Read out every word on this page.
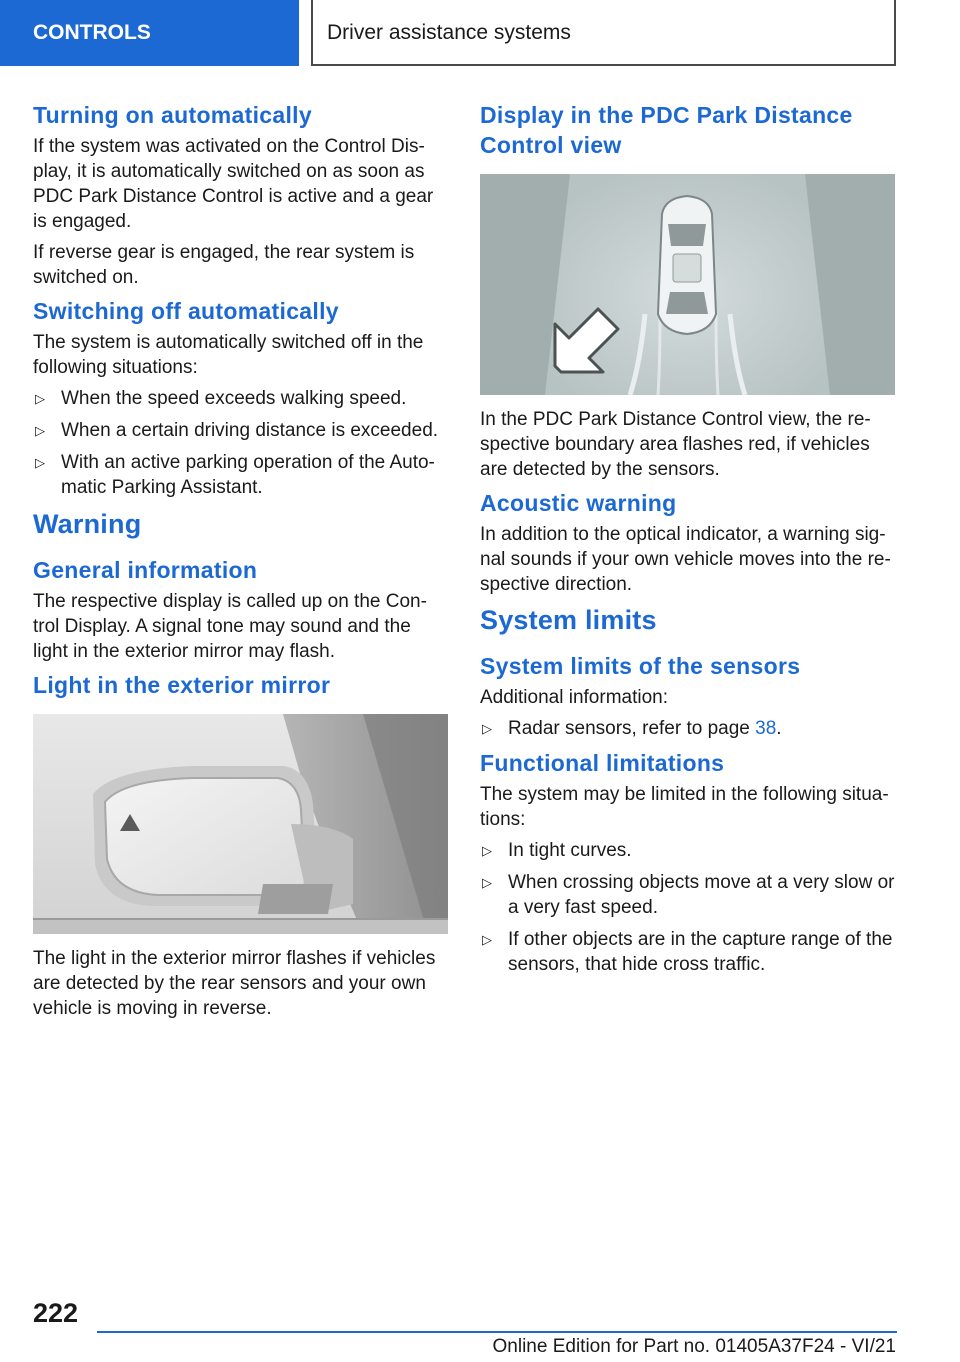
CONTROLS	Driver assistance systems
Turning on automatically

If the system was activated on the Control Dis-play, it is automatically switched on as soon as PDC Park Distance Control is active and a gear is engaged.

If reverse gear is engaged, the rear system is switched on.

Switching off automatically

The system is automatically switched off in the following situations:

▷ When the speed exceeds walking speed.
▷ When a certain driving distance is exceeded.
▷ With an active parking operation of the Auto-matic Parking Assistant.
Warning
General information

The respective display is called up on the Con-trol Display. A signal tone may sound and the light in the exterior mirror may flash.

Light in the exterior mirror

The light in the exterior mirror flashes if vehicles are detected by the rear sensors and your own vehicle is moving in reverse.

Display in the PDC Park Distance Control view

In the PDC Park Distance Control view, the re-spective boundary area flashes red, if vehicles are detected by the sensors.

Acoustic warning

In addition to the optical indicator, a warning sig-nal sounds if your own vehicle moves into the re-spective direction.

System limits
System limits of the sensors

Additional information:

▷ Radar sensors, refer to page 38.
Functional limitations

The system may be limited in the following situa-tions:

▷ In tight curves.
▷ When crossing objects move at a very slow or a very fast speed.
▷ If other objects are in the capture range of the sensors, that hide cross traffic.
222
Online Edition for Part no. 01405A37F24 - VI/21
